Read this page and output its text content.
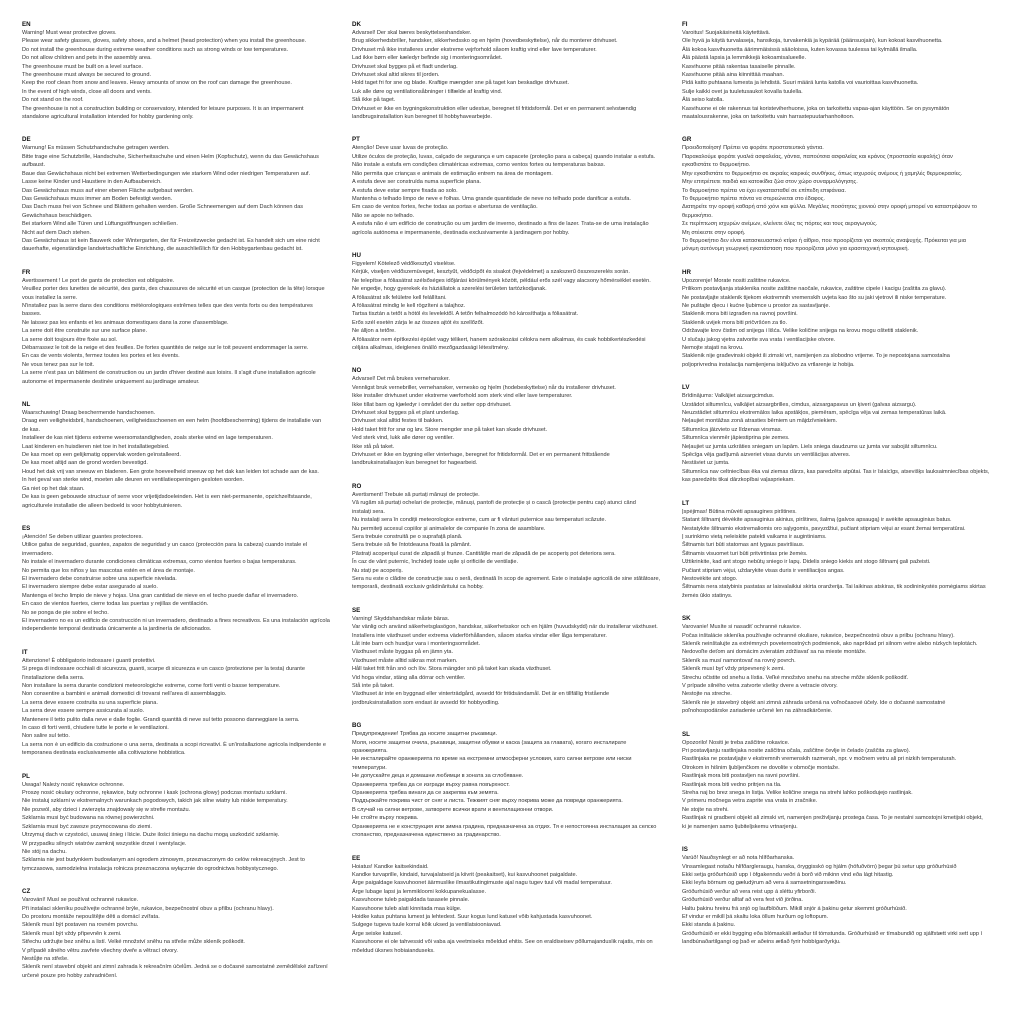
EN
Warning! Must wear protective gloves.
Please wear safety glasses, gloves, safety shoes, and a helmet (head protection) when you install the greenhouse.
Do not install the greenhouse during extreme weather conditions such as strong winds or low temperatures.
Do not allow children and pets in the assembly area.
The greenhouse must be built on a level surface.
The greenhouse must always be secured to ground.
Keep the roof clean from snow and leaves. Heavy amounts of snow on the roof can damage the greenhouse.
In the event of high winds, close all doors and vents.
Do not stand on the roof.
The greenhouse is not a construction building or conservatory, intended for leisure purposes. It is an impermanent
standalone agricultural installation intended for hobby gardening only.
DE
Warnung! Es müssen Schutzhandschuhe getragen werden.
Bitte trage eine Schutzbrille, Handschuhe, Sicherheitsschuhe und einen Helm (Kopfschutz), wenn du das Gewächshaus
aufbaust.
Baue das Gewächshaus nicht bei extremen Wetterbedingungen wie starkem Wind oder niedrigen Temperaturen auf.
Lasse keine Kinder und Haustiere in den Aufbaubereich.
Das Gewächshaus muss auf einer ebenen Fläche aufgebaut werden.
Das Gewächshaus muss immer am Boden befestigt werden.
Das Dach muss frei von Schnee und Blättern gehalten werden. Große Schneemengen auf dem Dach können das
Gewächshaus beschädigen.
Bei starkem Wind alle Türen und Lüftungsöffnungen schließen.
Nicht auf dem Dach stehen.
Das Gewächshaus ist kein Bauwerk oder Wintergarten, der für Freizeitzwecke gedacht ist. Es handelt sich um eine nicht
dauerhafte, eigenständige landwirtschaftliche Einrichtung, die ausschließlich für den Hobbygartenbau gedacht ist.
FR
Avertissement ! Le port de gants de protection est obligatoire.
Veuillez porter des lunettes de sécurité, des gants, des chaussures de sécurité et un casque (protection de la tête) lorsque
vous installez la serre.
N'installez pas la serre dans des conditions météorologiques extrêmes telles que des vents forts ou des températures
basses.
Ne laissez pas les enfants et les animaux domestiques dans la zone d'assemblage.
La serre doit être construite sur une surface plane.
La serre doit toujours être fixée au sol.
Débarrassez le toit de la neige et des feuilles. De fortes quantités de neige sur le toit peuvent endommager la serre.
En cas de vents violents, fermez toutes les portes et les évents.
Ne vous tenez pas sur le toit.
La serre n'est pas un bâtiment de construction ou un jardin d'hiver destiné aux loisirs. Il s'agit d'une installation agricole
autonome et impermanente destinée uniquement au jardinage amateur.
NL
Waarschuwing! Draag beschermende handschoenen.
Draag een veiligheidsbril, handschoenen, veiligheidsschoenen en een helm (hoofdbescherming) tijdens de installatie van
de kas.
Installeer de kas niet tijdens extreme weersomstandigheden, zoals sterke wind en lage temperaturen.
Laat kinderen en huisdieren niet toe in het installatiegebied.
De kas moet op een gelijkmatig oppervlak worden geïnstalleerd.
De kas moet altijd aan de grond worden bevestigd.
Houd het dak vrij van sneeuw en bladeren. Een grote hoeveelheid sneeuw op het dak kan leiden tot schade aan de kas.
In het geval van sterke wind, moeten alle deuren en ventilatieopeningen gesloten worden.
Ga niet op het dak staan.
De kas is geen gebouwde structuur of serre voor vrijetijdsdoeleinden. Het is een niet-permanente, opzichzelfstaande,
agriculturele installatie die alleen bedoeld is voor hobbytuinieren.
ES
¡Atención! Se deben utilizar guantes protectores.
Utilice gafas de seguridad, guantes, zapatos de seguridad y un casco (protección para la cabeza) cuando instale el
invernadero.
No instale el invernadero durante condiciones climáticas extremas, como vientos fuertes o bajas temperaturas.
No permita que los niños y las mascotas estén en el área de montaje.
El invernadero debe construirse sobre una superficie nivelada.
El invernadero siempre debe estar asegurado al suelo.
Mantenga el techo limpio de nieve y hojas. Una gran cantidad de nieve en el techo puede dañar el invernadero.
En caso de vientos fuertes, cierre todas las puertas y rejillas de ventilación.
No se ponga de pie sobre el techo.
El invernadero no es un edificio de construcción ni un invernadero, destinado a fines recreativos. Es una instalación agrícola
independiente temporal destinada únicamente a la jardinería de aficionados.
IT
Attenzione! È obbligatorio indossare i guanti protettivi.
Si prega di indossare occhiali di sicurezza, guanti, scarpe di sicurezza e un casco (protezione per la testa) durante
l'installazione della serra.
Non installare la serra durante condizioni meteorologiche estreme, come forti venti o basse temperature.
Non consentire a bambini e animali domestici di trovarsi nell'area di assemblaggio.
La serra deve essere costruita su una superficie piana.
La serra deve essere sempre assicurata al suolo.
Mantenere il tetto pulito dalla neve e dalle foglie. Grandi quantità di neve sul tetto possono danneggiare la serra.
In caso di forti venti, chiudere tutte le porte e le ventilazioni.
Non salire sul tetto.
La serra non è un edificio da costruzione o una serra, destinata a scopi ricreativi. È un'installazione agricola indipendente e
temporanea destinata esclusivamente alla coltivazione hobbistica.
PL
Uwaga! Należy nosić rękawice ochronne.
Proszę nosić okulary ochronne, rękawice, buty ochronne i kask (ochrona głowy) podczas montażu szklarni.
Nie instaluj szklarni w ekstremalnych warunkach pogodowych, takich jak silne wiatry lub niskie temperatury.
Nie pozwól, aby dzieci i zwierzęta znajdowały się w strefie montażu.
Szklarnia musi być budowana na równej powierzchni.
Szklarnia musi być zawsze przymocowana do ziemi.
Utrzymuj dach w czystości, usuwaj śnieg i liście. Duże ilości śniegu na dachu mogą uszkodzić szklarnię.
W przypadku silnych wiatrów zamknij wszystkie drzwi i wentylacje.
Nie stój na dachu.
Szklarnia nie jest budynkiem budowlanym ani ogrodem zimowym, przeznaczonym do celów rekreacyjnych. Jest to
tymczasowa, samodzielna instalacja rolnicza przeznaczona wyłącznie do ogrodnictwa hobbystycznego.
CZ
Varování! Musí se používat ochranné rukavice.
Při instalaci skleníku používejte ochranné brýle, rukavice, bezpečnostní obuv a přilbu (ochranu hlavy).
Do prostoru montáže nepouštějte děti a domácí zvířata.
Skleník musí být postaven na rovném povrchu.
Skleník musí být vždy připevněn k zemi.
Střechu udržujte bez sněhu a listí. Velké množství sněhu na střeše může skleník poškodit.
V případě silného větru zavřete všechny dveře a větrací otvory.
Nestůjte na střeše.
Skleník není stavební objekt ani zimní zahrada k rekreačním účelům. Jedná se o dočasné samostatné zemědělské zařízení
určené pouze pro hobby zahradničení.
DK
Advarsel! Der skal bæres beskyttelseshandsker.
Brug sikkerhedsbriller, handsker, sikkerhedssko og en hjelm (hovedbeskyttelse), når du monterer drivhuset.
Drivhuset må ikke installeres under ekstreme vejrforhold såsom kraftig vind eller lave temperaturer.
Lad ikke børn eller kæledyr befinde sig i monteringsområdet.
Drivhuset skal bygges på et fladt underlag.
Drivhuset skal altid sikres til jorden.
Hold taget fri for sne og blade. Kraftige mængder sne på taget kan beskadige drivhuset.
Luk alle døre og ventilationsåbninger i tilfælde af kraftig vind.
Stå ikke på taget.
Drivhuset er ikke en bygningskonstruktion eller udestue, beregnet til fritidsformål. Det er en permanent selvstændig
landbrugsinstallation kun beregnet til hobbyhavearbejde.
PT
Atenção! Deve usar luvas de proteção.
Utilize óculos de proteção, luvas, calçado de segurança e um capacete (proteção para a cabeça) quando instalar a estufa.
Não instale a estufa em condições climatéricas extremas, como ventos fortes ou temperaturas baixas.
Não permita que crianças e animais de estimação entrem na área de montagem.
A estufa deve ser construída numa superfície plana.
A estufa deve estar sempre fixada ao solo.
Mantenha o telhado limpo de neve e folhas. Uma grande quantidade de neve no telhado pode danificar a estufa.
Em caso de ventos fortes, feche todas as portas e aberturas de ventilação.
Não se apoie no telhado.
A estufa não é um edifício de construção ou um jardim de inverno, destinado a fins de lazer. Trata-se de uma instalação
agrícola autónoma e impermanente, destinada exclusivamente à jardinagem por hobby.
HU
Figyelem! Kötelező védőkesztyű viselése.
Kérjük, viseljen védőszemüveget, kesztyűt, védőcipőt és sisakot (fejvédelmet) a szakszerű összeszerelés során.
Ne telepítse a fóliasátrat szélsőséges időjárási körülmények között, például erős szél vagy alacsony hőmérséklet esetén.
Ne engedje, hogy gyerekek és háziállatok a szerelési területen tartózkodjanak.
A fóliasátrat sík felületre kell felállítani.
A fóliasátrat mindig le kell rögzíteni a talajhoz.
Tartsa tisztán a tetőt a hótól és levelektől. A tetőn felhalmozódó hó károsíthatja a fóliasátrat.
Erős szél esetén zárja le az összes ajtót és szellőzőt.
Ne álljon a tetőre.
A fóliasátor nem építkezési épület vagy télikert, hanem szórakozási célokra nem alkalmas, és csak hobbikertészkedési
céljára alkalmas, ideiglenes önálló mezőgazdasági létesítmény.
NO
Advarsel! Det må brukes vernehansker.
Vennligst bruk vernebriller, vernehansker, vernesko og hjelm (hodebeskyttelse) når du installerer drivhuset.
Ikke installer drivhuset under ekstreme værforhold som sterk vind eller lave temperaturer.
Ikke tillat barn og kjæledyr i området der du setter opp drivhuset.
Drivhuset skal bygges på et plant underlag.
Drivhuset skal alltid festes til bakken.
Hold taket fritt for snø og løv. Store mengder snø på taket kan skade drivhuset.
Ved sterk vind, lukk alle dører og ventiler.
Ikke stå på taket.
Drivhuset er ikke en bygning eller vinterhage, beregnet for fritidsformål. Det er en permanent frittstående
landbruksinstallasjon kun beregnet for hagearbeid.
RO
Avertisment! Trebuie să purtați mănuși de protecție.
Vă rugăm să purtați ochelari de protecție, mănuși, pantofi de protecție și o cască (protecție pentru cap) atunci când
instalați sera.
Nu instalați sera în condiții meteorologice extreme, cum ar fi vânturi puternice sau temperaturi scăzute.
Nu permiteți accesul copiilor și animalelor de companie în zona de asamblare.
Sera trebuie construită pe o suprafață plană.
Sera trebuie să fie întotdeauna fixată la pământ.
Păstrați acoperișul curat de zăpadă și frunze. Cantitățile mari de zăpadă de pe acoperiș pot deteriora sera.
În caz de vânt puternic, închideți toate ușile și orificiile de ventilație.
Nu stați pe acoperiș.
Sera nu este o clădire de construcție sau o seră, destinată în scop de agrement. Este o instalație agricolă de sine stătătoare,
temporară, destinată exclusiv grădinăritului ca hobby.
SE
Varning! Skyddshandskar måste bäras.
Var vänlig och använd säkerhetsglasögon, handskar, säkerhetsskor och en hjälm (huvudskydd) när du installerar växthuset.
Installera inte växthuset under extrema väderförhållanden, såsom starka vindar eller låga temperaturer.
Låt inte barn och husdjur vara i monteringsområdet.
Växthuset måste byggas på en jämn yta.
Växthuset måste alltid säkras mot marken.
Håll taket fritt från snö och löv. Stora mängder snö på taket kan skada växthuset.
Vid hoga vindar, stäng alla dörrar och ventiler.
Stå inte på taket.
Växthuset är inte en byggnad eller vinterträdgård, avsedd för fritidsändamål. Det är en tillfällig fristående
jordbruksinstallation som endast är avsedd för hobbyodling.
BG
Предупреждение! Трябва да носите защитни ръкавици.
Моля, носете защитни очила, ръкавици, защитни обувки и каска (защита за главата), когато инсталирате
оранжерията.
Не инсталирайте оранжерията по време на екстремни атмосферни условия, като силни ветрове или ниски
температури.
Не допускайте деца и домашни любимци в зоната за сглобяване.
Оранжерията трябва да се изгради върху равна повърхност.
Оранжерията трябва винаги да се закрепва към земята.
Поддържайте покрива чист от сняг и листа. Тежкият сняг върху покрива може да повреди оранжерията.
В случай на силни ветрове, затворете всички врати и вентилационни отвори.
Не стойте върху покрива.
Оранжерията не е конструкция или зимна градина, предназначена за отдих. Тя е непостоянна инсталация за селско
стопанство, предназначена единствено за градинарство.
EE
Hoiatus! Kandke kaitsekindaid.
Kandke turvaprille, kindaid, turvajalatseid ja kiivrit (peakaitset), kui kasvuhoonet paigaldate.
Ärge paigaldage kasvuhoonet äärmuslike ilmastikutingimuste ajal nagu tugev tuul või madal temperatuur.
Ärge lubage lapsi ja lemmikloomi kokkupanekualasse.
Kasvuhoone tuleb paigaldada tasasele pinnale.
Kasvuhoone tuleb alati kinnitada maa külge.
Hoidke katus puhtana lumest ja lehtedest. Suur kogus lund katusel võib kahjustada kasvuhoonet.
Sulgege tugeva tuule korral kõik uksed ja ventilatsiooniavad.
Ärge seiske katusel.
Kasvuhoone ei ole tahvessid või vaba aja veetmiseks mõeldud ehitis. See on eraldiseisev põllumajanduslik rajatis, mis on
mõeldud üksnes hobiaianduseks.
FI
Varoitus! Suojakäsineitä käytettävä.
Ole hyvä ja käytä turvalaseja, hansikoja, turvakenkiä ja kypärää (päänsuojain), kun kokoat kasvihuonetta.
Älä kokoa kasvihuonetta äärimmäisissä sääoloissa, kuten kovassa tuulessa tai kylmällä ilmalla.
Älä päästä lapsia ja lemmikkejä kokoamisalueelle.
Kasvihuone pitää rakentaa tasaiselle pinnalle.
Kasvihuone pitää aina kiinnittää maahan.
Pidä katto puhtaana lumesta ja lehdistä. Suuri määrä lunta katolla voi vaurioittaa kasvihuonetta.
Sulje kaikki ovet ja tuuletusaukot kovalla tuulella.
Älä seiso katolla.
Kasvihuone ei ole rakennus tai koristeviherhuone, joka on tarkoitettu vapaa-ajan käyttöön. Se on pysymätön
maatalousrakenne, joka on tarkoitettu vain harrastepuutarhanhoitoon.
GR
Προειδοποίηση! Πρέπει να φοράτε προστατευτικά γάντια.
Παρακαλούμε φοράτε γυαλιά ασφαλείας, γάντια, παπούτσια ασφαλείας και κράνος (προστασία κεφαλής) όταν
εγκαθιστάτε το θερμοκήπιο.
Μην εγκαθιστάτε το θερμοκήπιο σε ακραίες καιρικές συνθήκες, όπως ισχυρούς ανέμους ή χαμηλές θερμοκρασίες.
Μην επιτρέπετε παιδιά και κατοικίδια ζώα στον χώρο συναρμολόγησης.
Το θερμοκήπιο πρέπει να έχει εγκατασταθεί σε επίπεδη επιφάνεια.
Το θερμοκήπιο πρέπει πάντα να στερεώνεται στο έδαφος.
Διατηρείτε την οροφή καθαρή από χιόνι και φύλλα. Μεγάλες ποσότητες χιονιού στην οροφή μπορεί να καταστρέψουν το
θερμοκήπιο.
Σε περίπτωση ισχυρών ανέμων, κλείνετε όλες τις πόρτες και τους αεραγωγούς.
Μη στέκεστε στην οροφή.
Το θερμοκήπιο δεν είναι κατασκευαστικό κτίριο ή αίθριο, που προορίζεται για σκοπούς αναψυχής. Πρόκειται για μια
μόνιμη αυτόνομη γεωργική εγκατάσταση που προορίζεται μόνο για ερασιτεχνική κηπουρική.
HR
Upozorenje! Morate nositi zaštitne rukavice.
Prilikom postavljanja staklenika nosite zaštitne naočale, rukavice, zaštitne cipele i kacigu (zaštita za glavu).
Ne postavljajte staklenik tijekom ekstremnih vremenskih uvjeta kao što su jaki vjetrovi ili niske temperature.
Ne puštajte djecu i kućne ljubimce u prostor za sastavljanje.
Staklenik mora biti izgrađen na ravnoj površini.
Staklenik uvijek mora biti pričvršćen za tlo.
Održavajte krov čistim od snijega i lišća. Velike količine snijega na krovu mogu oštetiti staklenik.
U slučaju jakog vjetra zatvorite sva vrata i ventilacijske otvore.
Nemojte stajati na krovu.
Staklenik nije građevinski objekt ili zimski vrt, namijenjen za slobodno vrijeme. To je nepostojana samostalna
poljoprivredna instalacija namijenjena isključivo za vrtlarenje iz hobija.
LV
Brīdinājums: Valkājiet aizsargcimdus.
Uzstādot siltumnīcu, valkājiet aizsargbrilles, cimdus, aizsargapavus un ķiveri (galvas aizsargu).
Neuzstādiet siltumnīcu ekstremālos laika apstākļos, piemēram, spēcīga vēja vai zemas temperatūras laikā.
Neļaujiet montāžas zonā atrasties bērniem un mājdzīvniekiem.
Siltumnīca jāizvieto uz līdzenas virsmas.
Siltumnīca vienmēr jāpiestiprina pie zemes.
Neļaujiet uz jumta uzkrāties sniegam un lapām. Liels sniega daudzums uz jumta var sabojāt siltumnīcu.
Spēcīga vēja gadījumā aizveriet visas durvis un ventilācijas atveres.
Nestāviet uz jumta.
Siltumnīca nav celtniecības ēka vai ziemas dārzs, kas paredzēts atpūtai. Tas ir īslaicīgs, atsevišķs lauksaimniecības objekts,
kas paredzēts tikai dārzkopībai vaļaspriekam.
LT
Įspėjimas! Būtina mūvėti apsaugines pirštines.
Statant šiltnamį dėvėkite apsauginius akinius, pirštines, šalmą (galvos apsaugą) ir avėkite apsauginius batus.
Nestatykite šiltnamio ekstremaliomis oro sąlygomis, pavyzdžiui, pučiant stipriam vėjui ar esant žemai temperatūrai.
Į surinkimo vietą neleiskite patekti vaikams ir augintiniams.
Šiltnamis turi būti statomas ant lygaus paviršiaus.
Šiltnamis visuomet turi būti pritvirtintas prie žemės.
Užtikrinkite, kad ant stogo nebūtų sniego ir lapų. Didelis sniego kiekis ant stogo šiltnamį gali pažeisti.
Pučiant stipriam vėjui, uždarykite visas duris ir ventiliacijos angas.
Nestovėkite ant stogo.
Šiltnamis nera statybinis pastatas ar laisvalaikiui skirta oranžerija. Tai laikinas atskiras, tik sodininkystės pomėgiams skirtas
žemės ūkio statinys.
SK
Varovanie! Musíte si nasadiť ochranné rukavice.
Počas inštalácie skleníka používajte ochranné okuliare, rukavice, bezpečnostnú obuv a prilbu (ochranu hlavy).
Skleník neinštalujte za extrémnych poveternostných podmienok, ako napríklad pri silnom vetre alebo nízkych teplotách.
Nedovoľte deťom ani domácim zvieratám zdržiavať sa na mieste montáže.
Skleník sa musí namontovať na rovný povrch.
Skleník musí byť vždy pripevnený k zemi.
Strechu očistite od snehu a lístia. Veľké množstvo snehu na streche môže skleník poškodiť.
V prípade silného vetra zatvorte všetky dvere a vetracie otvory.
Nestojte na streche.
Skleník nie je stavebný objekt ani zimná záhrada určená na voľnočasové účely. Ide o dočasné samostatné
poľnohospodárske zariadenie určené len na záhradkárčenie.
SL
Opozorilo! Nositi je treba zaščitne rokavice.
Pri postavljanju rastlinjaka nosite zaščitna očala, zaščitne čevlje in čelado (zaščita za glavo).
Rastlinjaka ne postavljajte v ekstremnih vremenskih razmerah, npr. v močnem vetru ali pri nizkih temperaturah.
Otrokom in hišnim ljubljenčkom ne dovolite v območje montaže.
Rastlinjak mora biti postavljen na ravni površini.
Rastlinjak mora biti vedno pritrjen na tla.
Streha naj bo brez snega in listja. Velike količine snega na strehi lahko poškodujejo rastlinjak.
V primeru močnega vetra zaprite vsa vrata in zračnike.
Ne stojte na strehi.
Rastlinjak ni gradbeni objekt ali zimski vrt, namenjen preživljanju prostega časa. To je nestalni samostojni kmetijski objekt,
ki je namenjen samo ljubiteljskemu vrtnarjenju.
IS
Varúð! Nauðsynlegt er að nota hlífðarhanska.
Vinsamlegast notaðu hlífðargleraugu, hanska, öryggisskó og hjálm (höfuðvörn) þegar þú setur upp gróðurhúsið
Ekki setja gróðurhúsið upp í öfgakenndu veðri á borð við mikinn vind eða lágt hitastig.
Ekki leyfa börnum og gæludýrum að vera á samsetningarsvæðinu.
Gróðurhúsið verður að vera reist upp á sléttu yfirborði.
Gróðurhúsið verður alltaf að vera fest við jörðina.
Haltu þakinu hreinu frá snjó og laufblöðum. Mikill snjór á þakinu getur skemmt gróðurhúsið.
Ef vindur er mikill þá skaltu loka öllum hurðum og loftopum.
Ekki standa á þakinu.
Gróðurhúsið er ekki bygging eða blómaskáli ætlaður til tómstunda. Gróðurhúsið er tímabundið og sjálfstætt virki sett upp í
landbúnaðartilgangi og það er aðeins ætlað fyrir hobbígarðyrkju.
